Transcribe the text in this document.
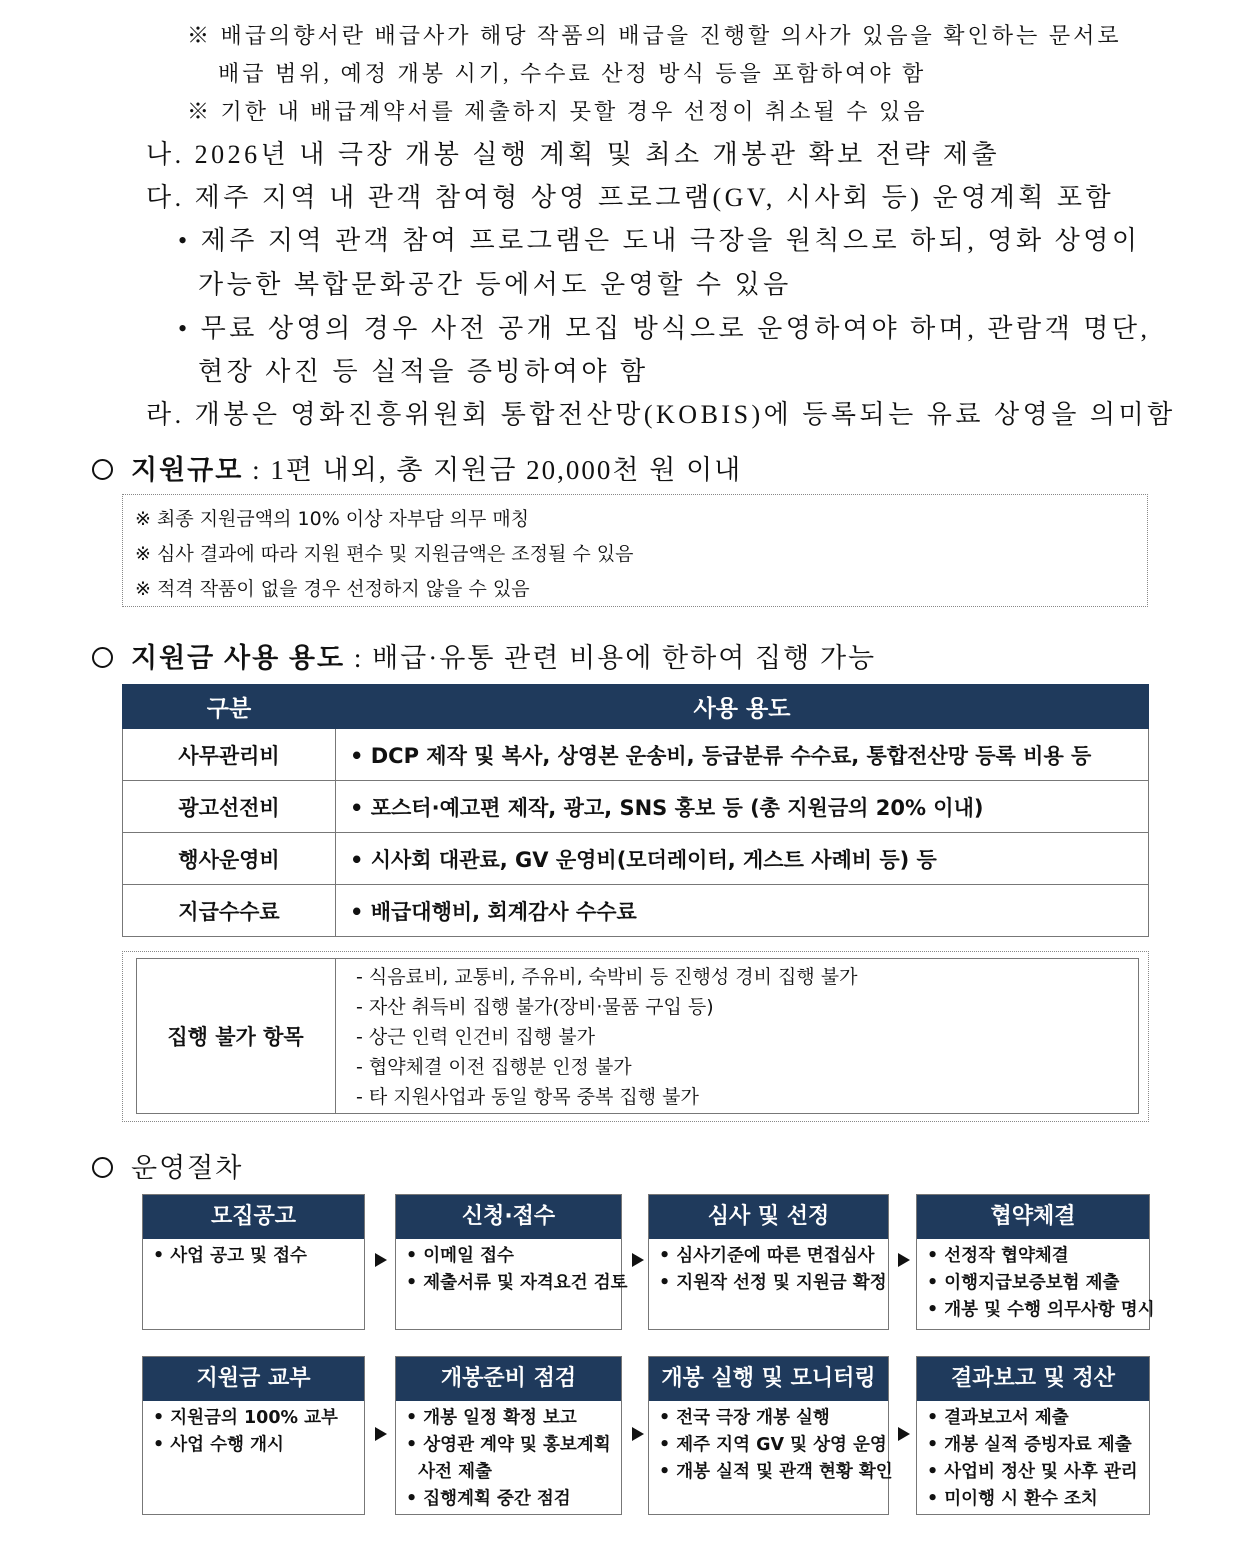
※ 배급의향서란 배급사가 해당 작품의 배급을 진행할 의사가 있음을 확인하는 문서로
배급 범위, 예정 개봉 시기, 수수료 산정 방식 등을 포함하여야 함
※ 기한 내 배급계약서를 제출하지 못할 경우 선정이 취소될 수 있음
나. 2026년 내 극장 개봉 실행 계획 및 최소 개봉관 확보 전략 제출
다. 제주 지역 내 관객 참여형 상영 프로그램(GV, 시사회 등) 운영계획 포함
• 제주 지역 관객 참여 프로그램은 도내 극장을 원칙으로 하되, 영화 상영이
가능한 복합문화공간 등에서도 운영할 수 있음
• 무료 상영의 경우 사전 공개 모집 방식으로 운영하여야 하며, 관람객 명단,
현장 사진 등 실적을 증빙하여야 함
라. 개봉은 영화진흥위원회 통합전산망(KOBIS)에 등록되는 유료 상영을 의미함
지원규모 : 1편 내외, 총 지원금 20,000천 원 이내
※ 최종 지원금액의 10% 이상 자부담 의무 매칭
※ 심사 결과에 따라 지원 편수 및 지원금액은 조정될 수 있음
※ 적격 작품이 없을 경우 선정하지 않을 수 있음
지원금 사용 용도 : 배급·유통 관련 비용에 한하여 집행 가능
구분	사용 용도
사무관리비	• DCP 제작 및 복사, 상영본 운송비, 등급분류 수수료, 통합전산망 등록 비용 등
광고선전비	• 포스터·예고편 제작, 광고, SNS 홍보 등 (총 지원금의 20% 이내)
행사운영비	• 시사회 대관료, GV 운영비(모더레이터, 게스트 사례비 등) 등
지급수수료	• 배급대행비, 회계감사 수수료
집행 불가 항목
- 식음료비, 교통비, 주유비, 숙박비 등 진행성 경비 집행 불가
- 자산 취득비 집행 불가(장비·물품 구입 등)
- 상근 인력 인건비 집행 불가
- 협약체결 이전 집행분 인정 불가
- 타 지원사업과 동일 항목 중복 집행 불가
운영절차
모집공고
• 사업 공고 및 접수
신청·접수
• 이메일 접수
• 제출서류 및 자격요건 검토
심사 및 선정
• 심사기준에 따른 면접심사
• 지원작 선정 및 지원금 확정
협약체결
• 선정작 협약체결
• 이행지급보증보험 제출
• 개봉 및 수행 의무사항 명시
지원금 교부
• 지원금의 100% 교부
• 사업 수행 개시
개봉준비 점검
• 개봉 일정 확정 보고
• 상영관 계약 및 홍보계획
사전 제출
• 집행계획 중간 점검
개봉 실행 및 모니터링
• 전국 극장 개봉 실행
• 제주 지역 GV 및 상영 운영
• 개봉 실적 및 관객 현황 확인
결과보고 및 정산
• 결과보고서 제출
• 개봉 실적 증빙자료 제출
• 사업비 정산 및 사후 관리
• 미이행 시 환수 조치
